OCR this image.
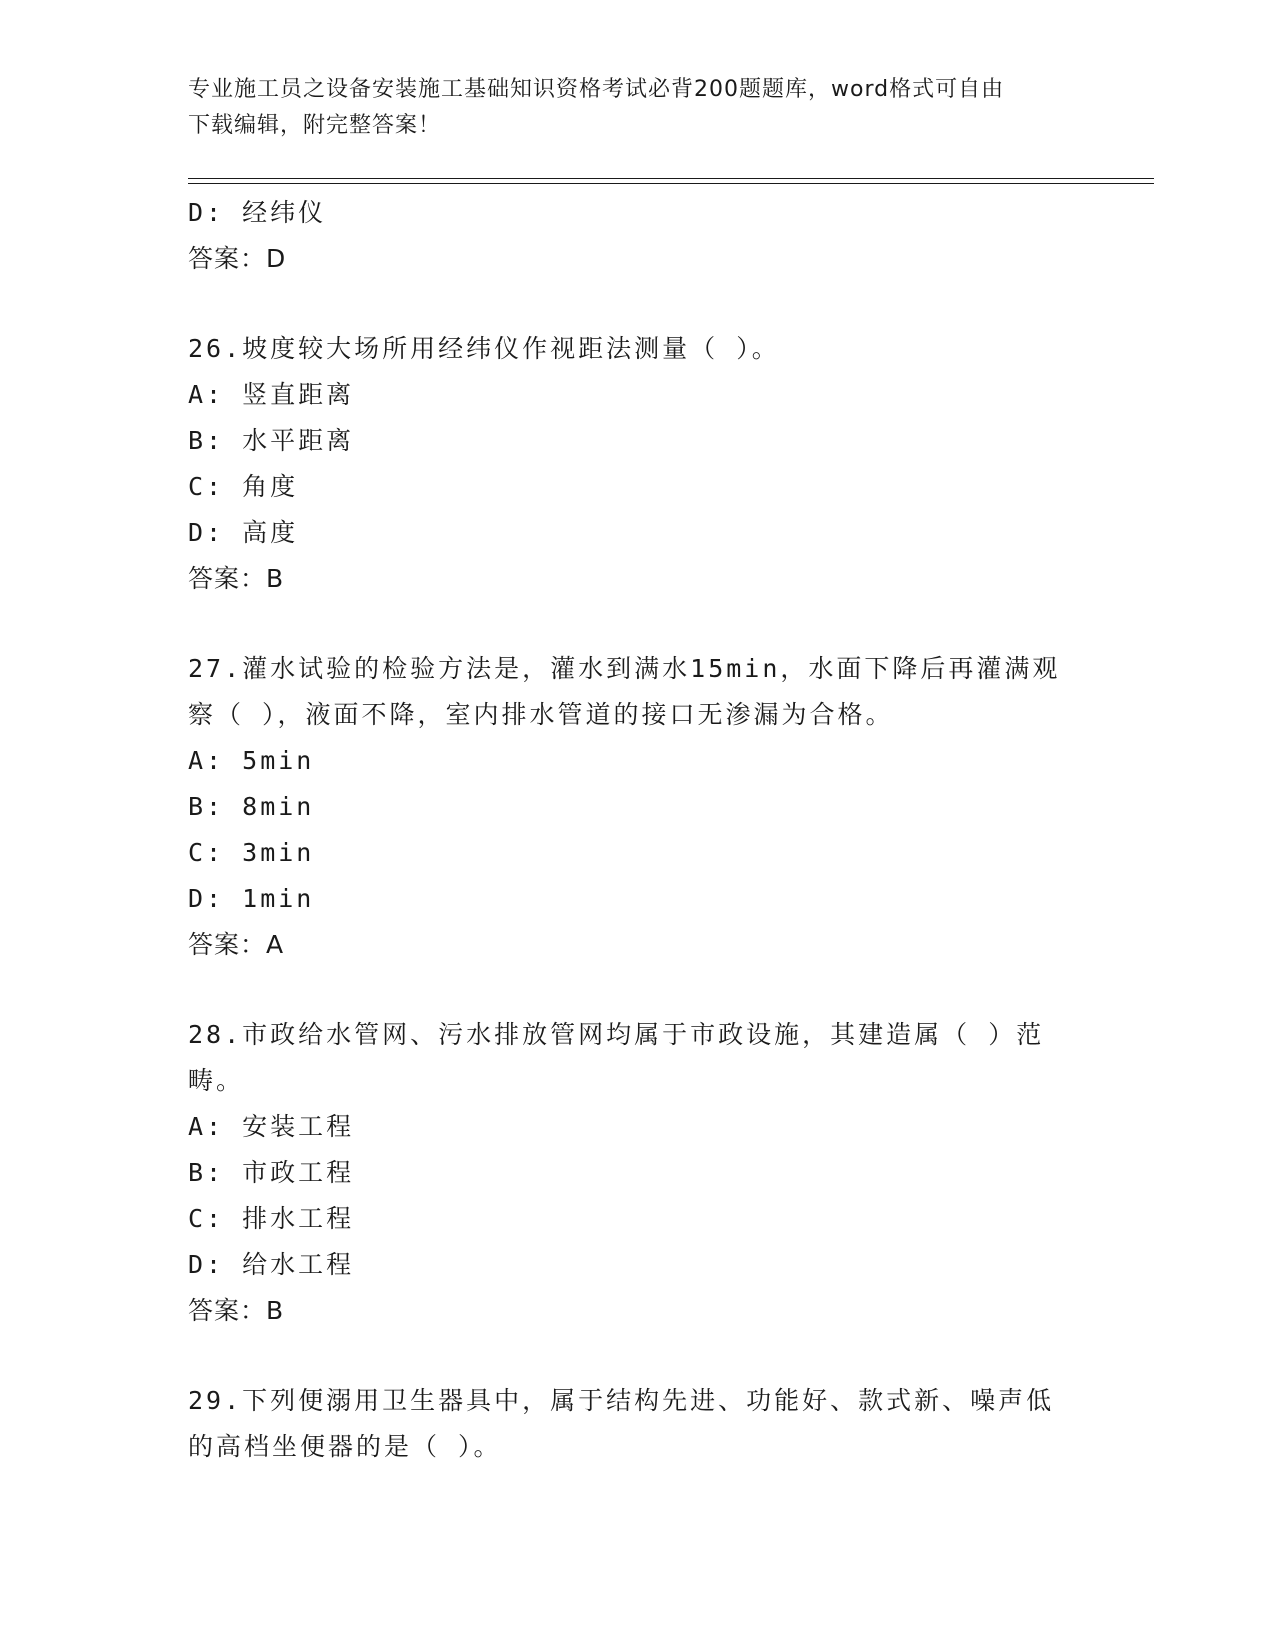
专业施工员之设备安装施工基础知识资格考试必背200题题库，word格式可自由
下载编辑，附完整答案！
D: 经纬仪
答案：D
26.坡度较大场所用经纬仪作视距法测量（ ）。
A: 竖直距离
B: 水平距离
C: 角度
D: 高度
答案：B
27.灌水试验的检验方法是，灌水到满水15min，水面下降后再灌满观
察（ ），液面不降，室内排水管道的接口无渗漏为合格。
A: 5min
B: 8min
C: 3min
D: 1min
答案：A
28.市政给水管网、污水排放管网均属于市政设施，其建造属（ ）范
畴。
A: 安装工程
B: 市政工程
C: 排水工程
D: 给水工程
答案：B
29.下列便溺用卫生器具中，属于结构先进、功能好、款式新、噪声低
的高档坐便器的是（ ）。
